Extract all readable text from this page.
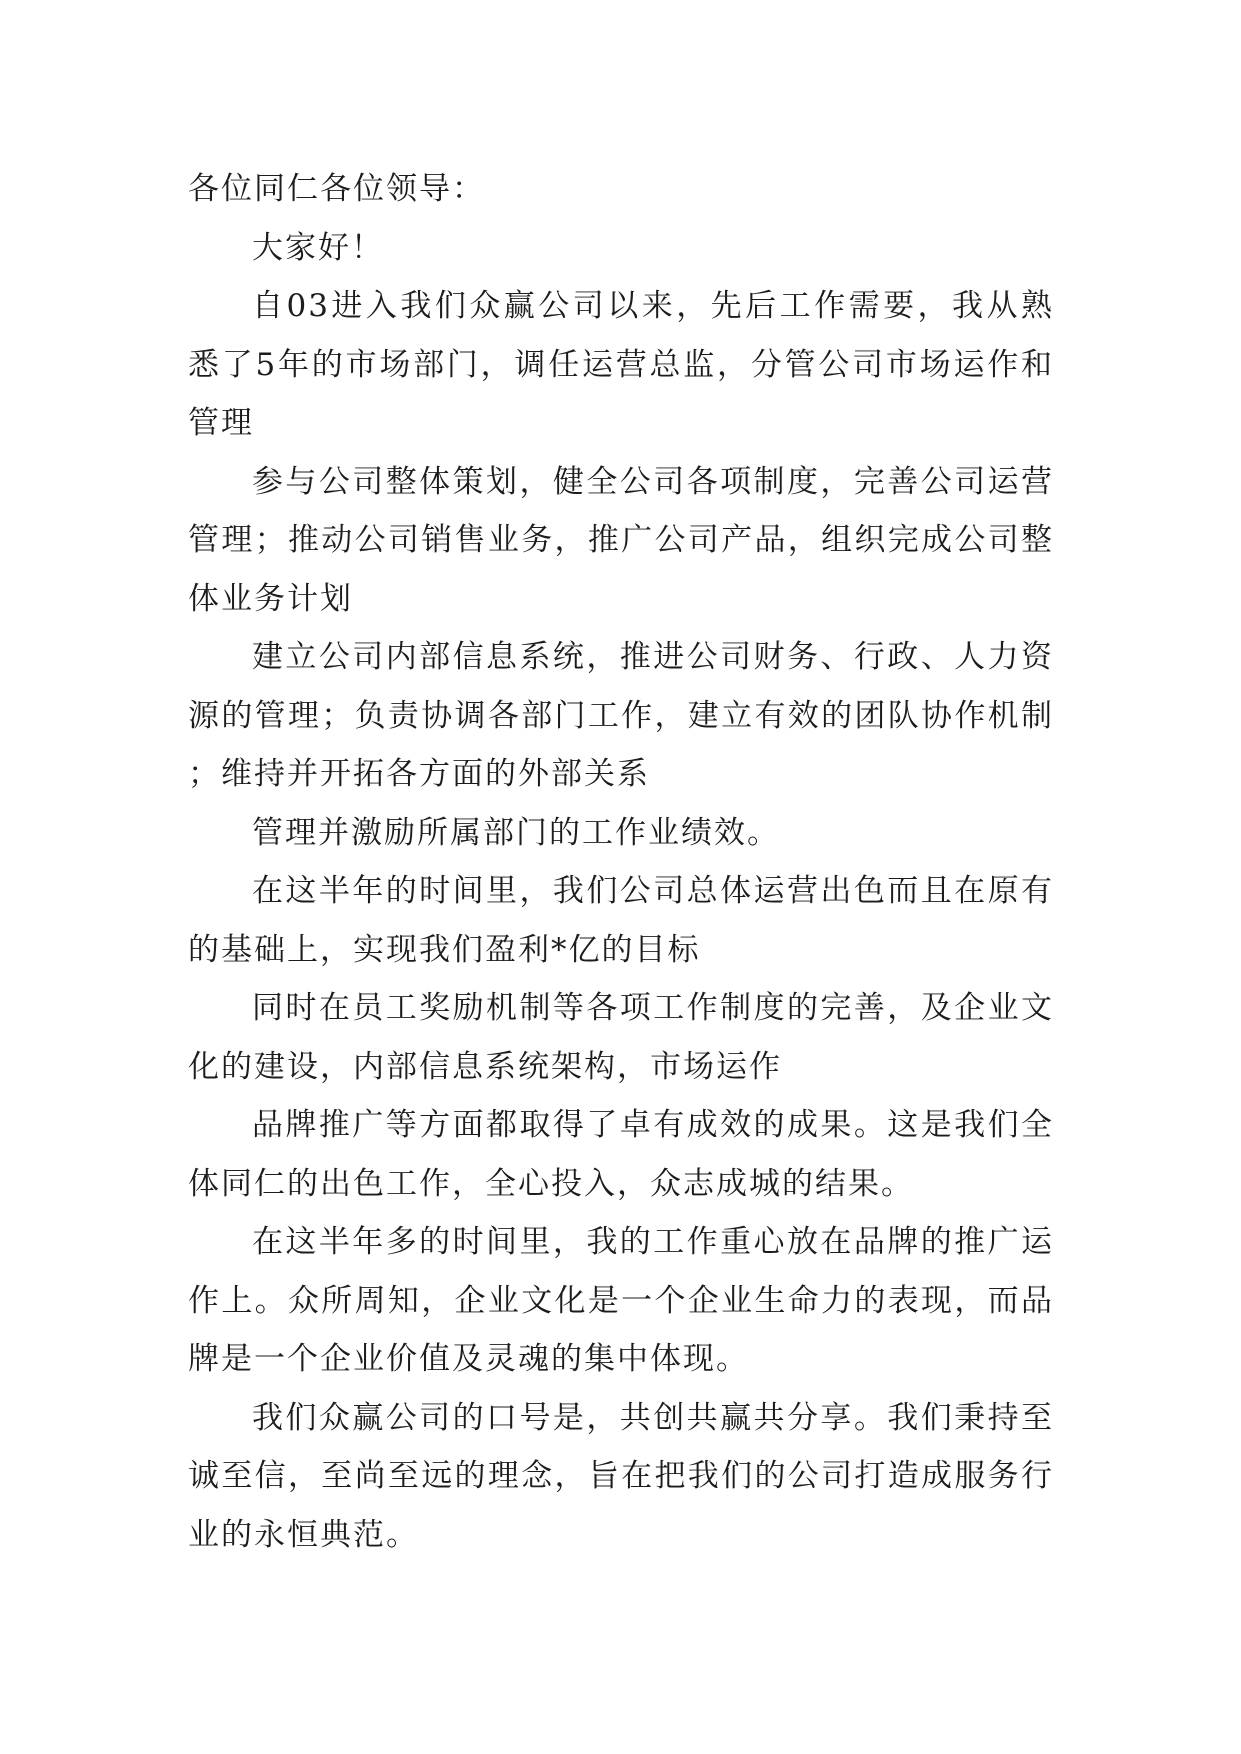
各位同仁各位领导：

大家好！

自03进入我们众赢公司以来，先后工作需要，我从熟悉了5年的市场部门，调任运营总监，分管公司市场运作和管理

参与公司整体策划，健全公司各项制度，完善公司运营管理；推动公司销售业务，推广公司产品，组织完成公司整体业务计划

建立公司内部信息系统，推进公司财务、行政、人力资源的管理；负责协调各部门工作，建立有效的团队协作机制；维持并开拓各方面的外部关系

管理并激励所属部门的工作业绩效。

在这半年的时间里，我们公司总体运营出色而且在原有的基础上，实现我们盈利*亿的目标

同时在员工奖励机制等各项工作制度的完善，及企业文化的建设，内部信息系统架构，市场运作

品牌推广等方面都取得了卓有成效的成果。这是我们全体同仁的出色工作，全心投入，众志成城的结果。

在这半年多的时间里，我的工作重心放在品牌的推广运作上。众所周知，企业文化是一个企业生命力的表现，而品牌是一个企业价值及灵魂的集中体现。

我们众赢公司的口号是，共创共赢共分享。我们秉持至诚至信，至尚至远的理念，旨在把我们的公司打造成服务行业的永恒典范。
